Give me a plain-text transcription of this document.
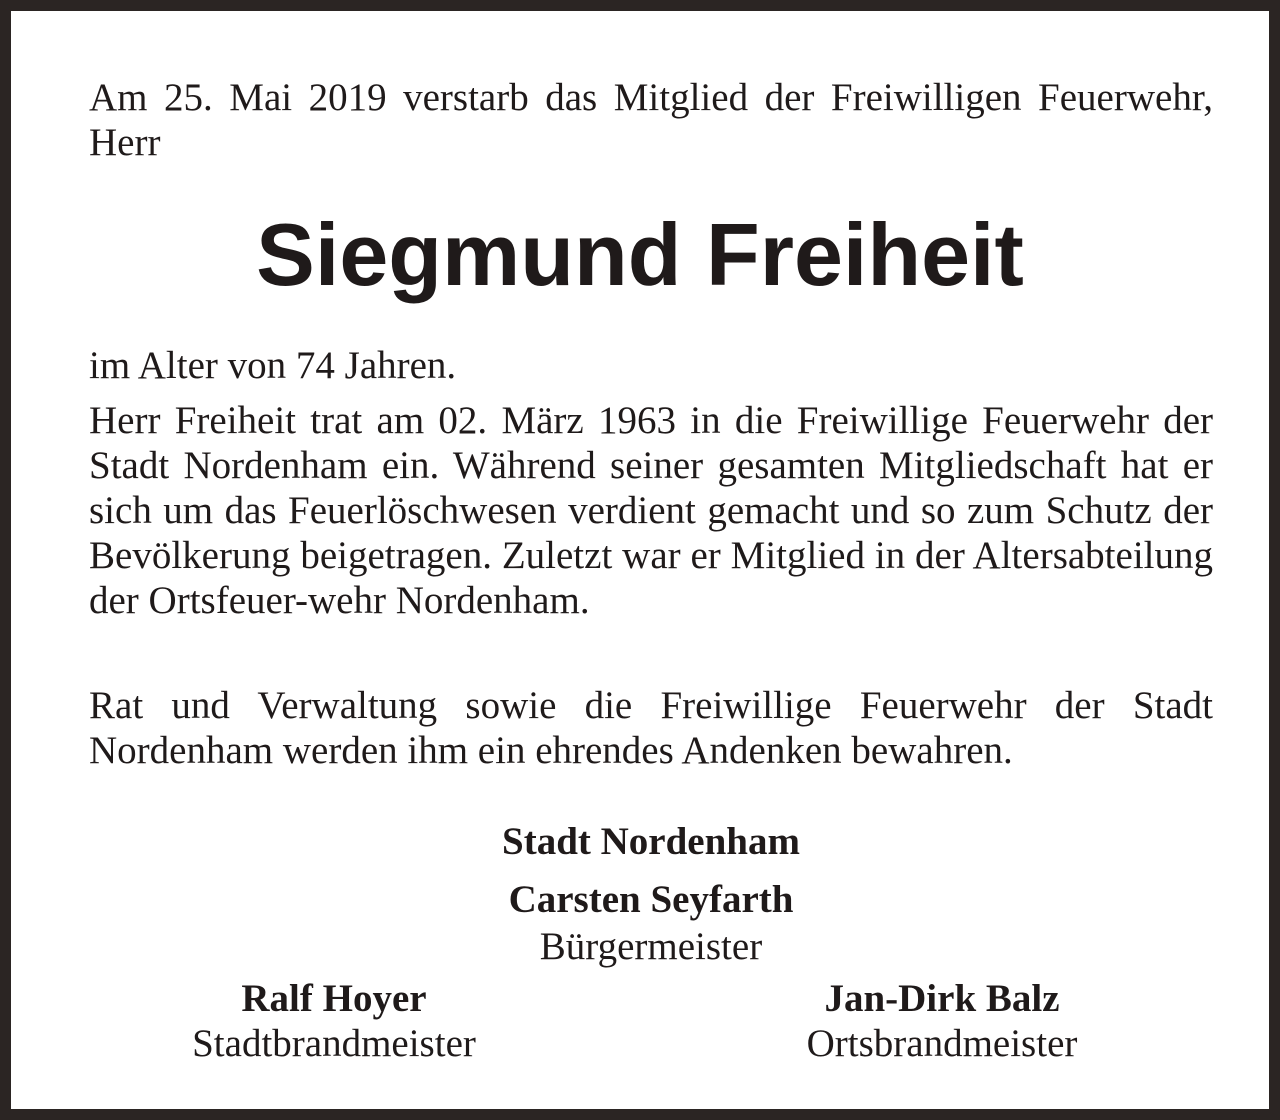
Am 25. Mai 2019 verstarb das Mitglied der Freiwilligen Feuerwehr, Herr

Siegmund Freiheit

im Alter von 74 Jahren.

Herr Freiheit trat am 02. März 1963 in die Freiwillige Feuerwehr der Stadt Nordenham ein. Während seiner gesamten Mitgliedschaft hat er sich um das Feuerlöschwesen verdient gemacht und so zum Schutz der Bevölkerung beigetragen. Zuletzt war er Mitglied in der Altersabteilung der Ortsfeuer-wehr Nordenham.

Rat und Verwaltung sowie die Freiwillige Feuerwehr der Stadt Nordenham werden ihm ein ehrendes Andenken bewahren.

Stadt Nordenham
Carsten Seyfarth
Bürgermeister
Ralf Hoyer
Stadtbrandmeister
Jan-Dirk Balz
Ortsbrandmeister
